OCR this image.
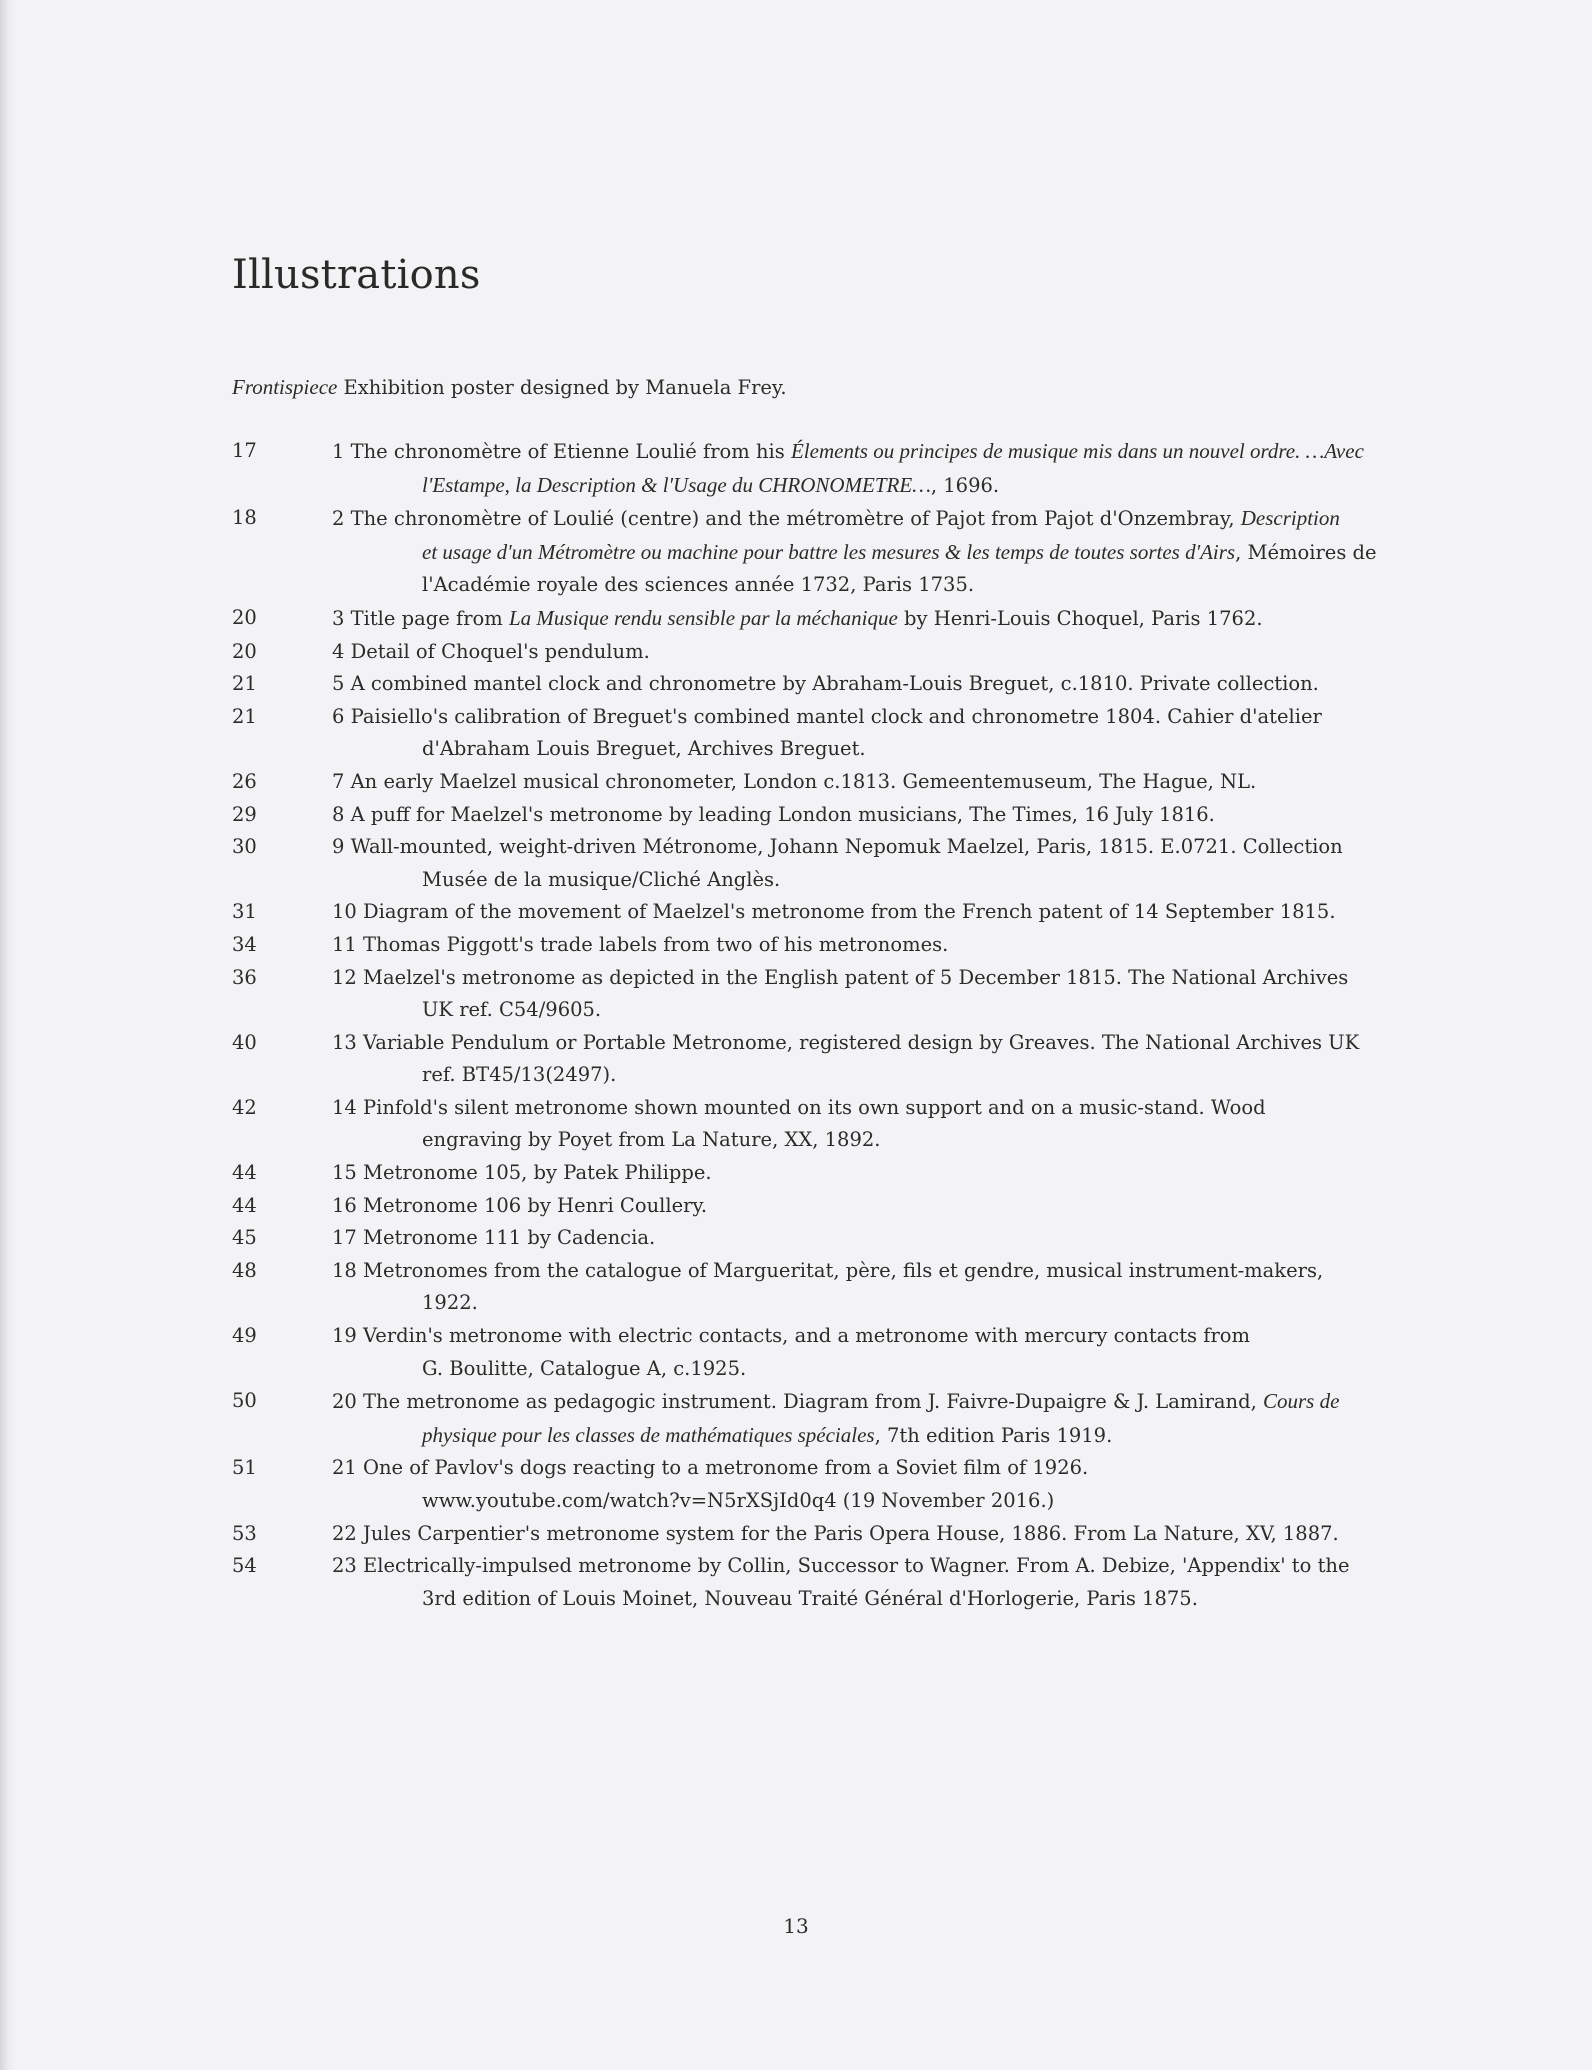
Illustrations
Frontispiece Exhibition poster designed by Manuela Frey.
17	1 The chronomètre of Etienne Loulié from his Élements ou principes de musique mis dans un nouvel ordre. …Avec
l'Estampe, la Description & l'Usage du CHRONOMETRE…, 1696.
18	2 The chronomètre of Loulié (centre) and the métromètre of Pajot from Pajot d'Onzembray, Description
et usage d'un Métromètre ou machine pour battre les mesures & les temps de toutes sortes d'Airs, Mémoires de
l'Académie royale des sciences année 1732, Paris 1735.
20	3 Title page from La Musique rendu sensible par la méchanique by Henri-Louis Choquel, Paris 1762.
20	4 Detail of Choquel's pendulum.
21	5 A combined mantel clock and chronometre by Abraham-Louis Breguet, c.1810. Private collection.
21	6 Paisiello's calibration of Breguet's combined mantel clock and chronometre 1804. Cahier d'atelier
d'Abraham Louis Breguet, Archives Breguet.
26	7 An early Maelzel musical chronometer, London c.1813. Gemeentemuseum, The Hague, NL.
29	8 A puff for Maelzel's metronome by leading London musicians, The Times, 16 July 1816.
30	9 Wall-mounted, weight-driven Métronome, Johann Nepomuk Maelzel, Paris, 1815. E.0721. Collection
Musée de la musique/Cliché Anglès.
31	10 Diagram of the movement of Maelzel's metronome from the French patent of 14 September 1815.
34	11 Thomas Piggott's trade labels from two of his metronomes.
36	12 Maelzel's metronome as depicted in the English patent of 5 December 1815. The National Archives
UK ref. C54/9605.
40	13 Variable Pendulum or Portable Metronome, registered design by Greaves. The National Archives UK
ref. BT45/13(2497).
42	14 Pinfold's silent metronome shown mounted on its own support and on a music-stand. Wood
engraving by Poyet from La Nature, XX, 1892.
44	15 Metronome 105, by Patek Philippe.
44	16 Metronome 106 by Henri Coullery.
45	17 Metronome 111 by Cadencia.
48	18 Metronomes from the catalogue of Margueritat, père, fils et gendre, musical instrument-makers,
1922.
49	19 Verdin's metronome with electric contacts, and a metronome with mercury contacts from
G. Boulitte, Catalogue A, c.1925.
50	20 The metronome as pedagogic instrument. Diagram from J. Faivre-Dupaigre & J. Lamirand, Cours de
physique pour les classes de mathématiques spéciales, 7th edition Paris 1919.
51	21 One of Pavlov's dogs reacting to a metronome from a Soviet film of 1926.
www.youtube.com/watch?v=N5rXSjId0q4 (19 November 2016.)
53	22 Jules Carpentier's metronome system for the Paris Opera House, 1886. From La Nature, XV, 1887.
54	23 Electrically-impulsed metronome by Collin, Successor to Wagner. From A. Debize, 'Appendix' to the
3rd edition of Louis Moinet, Nouveau Traité Général d'Horlogerie, Paris 1875.
13
